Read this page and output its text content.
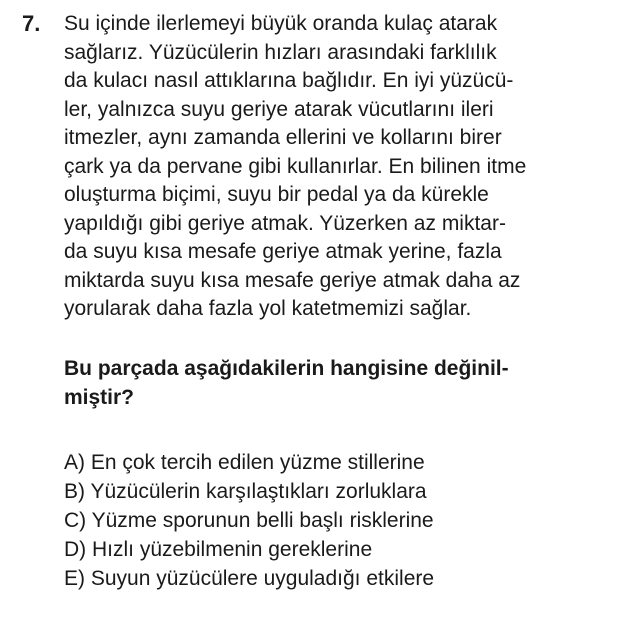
7. Su içinde ilerlemeyi büyük oranda kulaç atarak
sağlarız. Yüzücülerin hızları arasındaki farklılık
da kulacı nasıl attıklarına bağlıdır. En iyi yüzücü-
ler, yalnızca suyu geriye atarak vücutlarını ileri
itmezler, aynı zamanda ellerini ve kollarını birer
çark ya da pervane gibi kullanırlar. En bilinen itme
oluşturma biçimi, suyu bir pedal ya da kürekle
yapıldığı gibi geriye atmak. Yüzerken az miktar-
da suyu kısa mesafe geriye atmak yerine, fazla
miktarda suyu kısa mesafe geriye atmak daha az
yorularak daha fazla yol katetmemizi sağlar.
Bu parçada aşağıdakilerin hangisine değinil-
miştir?
A) En çok tercih edilen yüzme stillerine
B) Yüzücülerin karşılaştıkları zorluklara
C) Yüzme sporunun belli başlı risklerine
D) Hızlı yüzebilmenin gereklerine
E) Suyun yüzücülere uyguladığı etkilere
